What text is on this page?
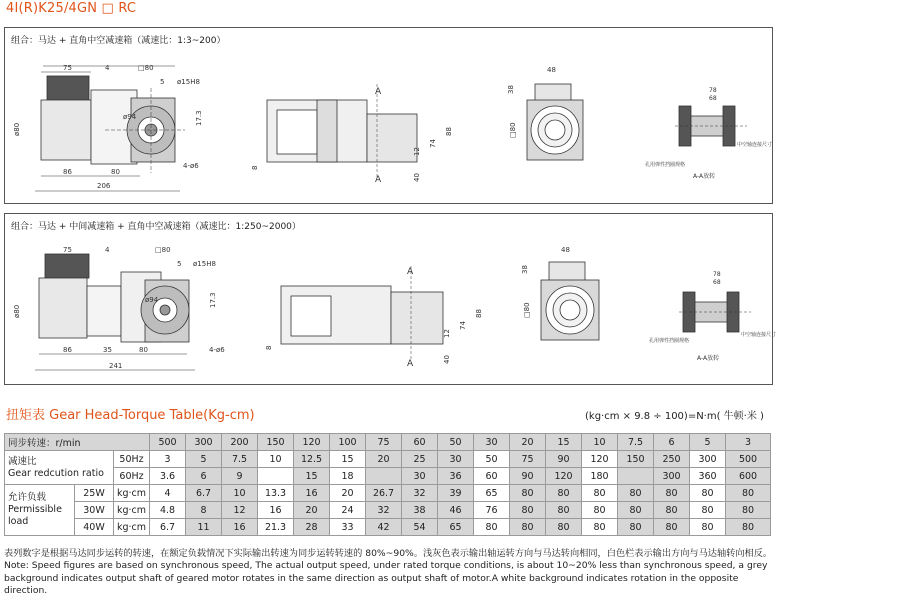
4I(R)K25/4GN □ RC
组合：马达 + 直角中空减速箱（减速比：1:3~200）
75	4	□80
5 ø15H8
ø94
ø80
86	80
206
4-ø6
17.3
A
A
8
12
74
88
40
48
38
□80
78
68
孔用弹性挡圈规格
中空轴连接尺寸
A-A放转
组合：马达 + 中间减速箱 + 直角中空减速箱（减速比：1:250~2000）
75	4	□80
5 ø15H8
ø94
ø80
86	35	80
241
4-ø6
17.3
A
A
8
12
74
88
40
48
38
□80
78
68
孔用弹性挡圈规格
中空轴连接尺寸
A-A放转
扭矩表 Gear Head-Torque Table(Kg-cm)	(kg·cm × 9.8 ÷ 100)=N·m( 牛顿·米 )
同步转速：r/min			500	300	200	150	120	100	75	60	50	30	20	15	10	7.5	6	5	3

减速比
Gear redcution ratio		50Hz	3	5	7.5	10	12.5	15	20	25	30	50	75	90	120	150	250	300	500
		60Hz	3.6	6	9		15	18		30	36	60	90	120	180		300	360	600

允许负载
Permissible load	25W	kg·cm	4	6.7	10	13.3	16	20	26.7	32	39	65	80	80	80	80	80	80	80
	30W	kg·cm	4.8	8	12	16	20	24	32	38	46	76	80	80	80	80	80	80	80
	40W	kg·cm	6.7	11	16	21.3	28	33	42	54	65	80	80	80	80	80	80	80	80
表列数字是根据马达同步运转的转速，在额定负载情况下实际输出转速为同步运转转速的 80%~90%。浅灰色表示输出轴运转方向与马达转向相同，白色栏表示输出方向与马达轴转向相反。
Note: Speed figures are based on synchronous speed, The actual output speed, under rated torque conditions, is about 10~20% less than synchronous speed, a grey background indicates output shaft of geared motor rotates in the same direction as output shaft of motor.A white background indicates rotation in the opposite direction.
